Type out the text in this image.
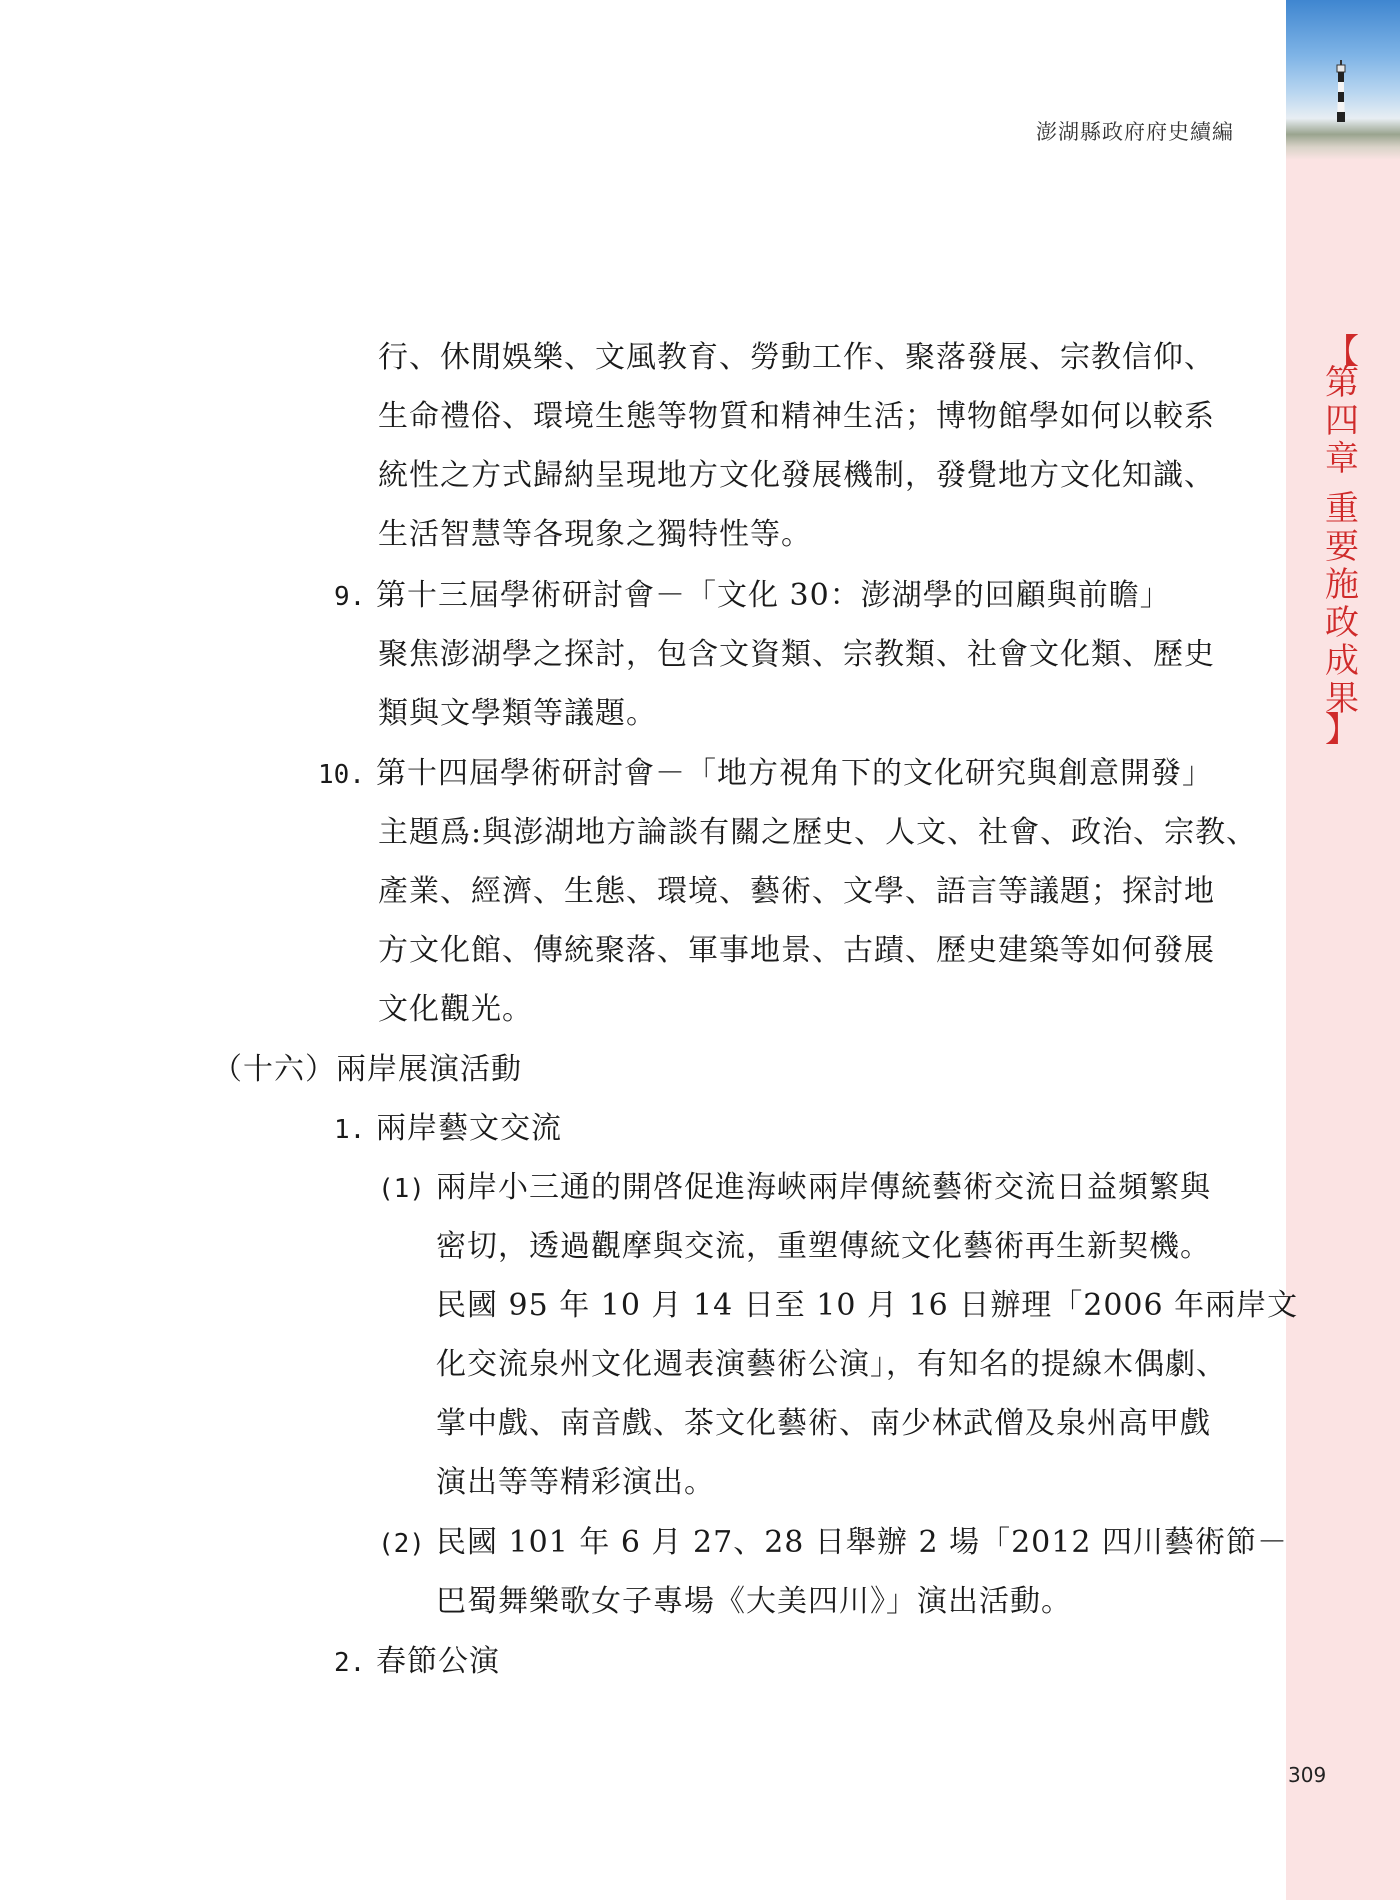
【
第
四
章
重
要
施
政
成
果
】
澎湖縣政府府史續編
行、休閒娛樂、文風教育、勞動工作、聚落發展、宗教信仰、
生命禮俗、環境生態等物質和精神生活；博物館學如何以較系
統性之方式歸納呈現地方文化發展機制，發覺地方文化知識、
生活智慧等各現象之獨特性等。
9. 第十三屆學術研討會－「文化 30：澎湖學的回顧與前瞻」
聚焦澎湖學之探討，包含文資類、宗教類、社會文化類、歷史
類與文學類等議題。
10. 第十四屆學術研討會－「地方視角下的文化研究與創意開發」
主題爲:與澎湖地方論談有關之歷史、人文、社會、政治、宗教、
產業、經濟、生態、環境、藝術、文學、語言等議題；探討地
方文化館、傳統聚落、軍事地景、古蹟、歷史建築等如何發展
文化觀光。
（十六）兩岸展演活動
1. 兩岸藝文交流
(1) 兩岸小三通的開啓促進海峽兩岸傳統藝術交流日益頻繁與
密切，透過觀摩與交流，重塑傳統文化藝術再生新契機。
民國 95 年 10 月 14 日至 10 月 16 日辦理「2006 年兩岸文
化交流泉州文化週表演藝術公演」，有知名的提線木偶劇、
掌中戲、南音戲、茶文化藝術、南少林武僧及泉州高甲戲
演出等等精彩演出。
(2) 民國 101 年 6 月 27、28 日舉辦 2 場「2012 四川藝術節－
巴蜀舞樂歌女子專場《大美四川》」演出活動。
2. 春節公演
309
